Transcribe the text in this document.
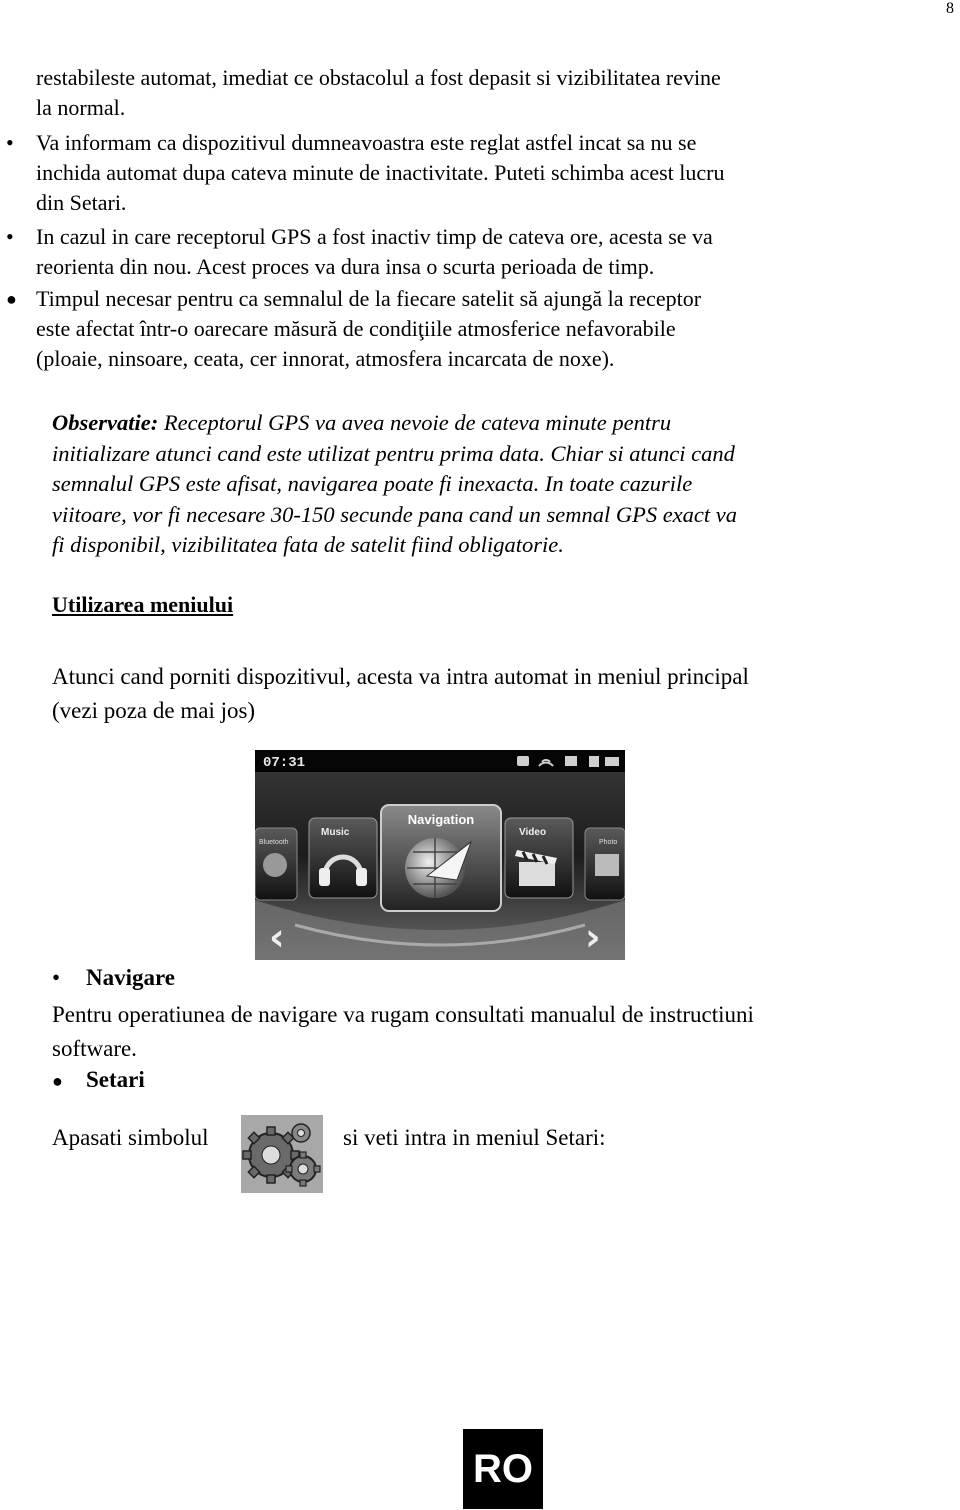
8
restabileste automat, imediat ce obstacolul a fost depasit si vizibilitatea revine
la normal.
• Va informam ca dispozitivul dumneavoastra este reglat astfel incat sa nu se
inchida automat dupa cateva minute de inactivitate. Puteti schimba acest lucru
din Setari.
• In cazul in care receptorul GPS a fost inactiv timp de cateva ore, acesta se va
reorienta din nou. Acest proces va dura insa o scurta perioada de timp.
● Timpul necesar pentru ca semnalul de la fiecare satelit să ajungă la receptor
este afectat într-o oarecare măsură de condiţiile atmosferice nefavorabile
(ploaie, ninsoare, ceata, cer innorat, atmosfera incarcata de noxe).
Observatie: Receptorul GPS va avea nevoie de cateva minute pentru
initializare atunci cand este utilizat pentru prima data. Chiar si atunci cand
semnalul GPS este afisat, navigarea poate fi inexacta. In toate cazurile
viitoare, vor fi necesare 30-150 secunde pana cand un semnal GPS exact va
fi disponibil, vizibilitatea fata de satelit fiind obligatorie.
Utilizarea meniului
Atunci cand porniti dispozitivul, acesta va intra automat in meniul principal
(vezi poza de mai jos)
07:31
Bluetooth
Music
Navigation
Video
Photo
‹	›
• Navigare
Pentru operatiunea de navigare va rugam consultati manualul de instructiuni
software.
● Setari
Apasati simbolul	si veti intra in meniul Setari:
RO
